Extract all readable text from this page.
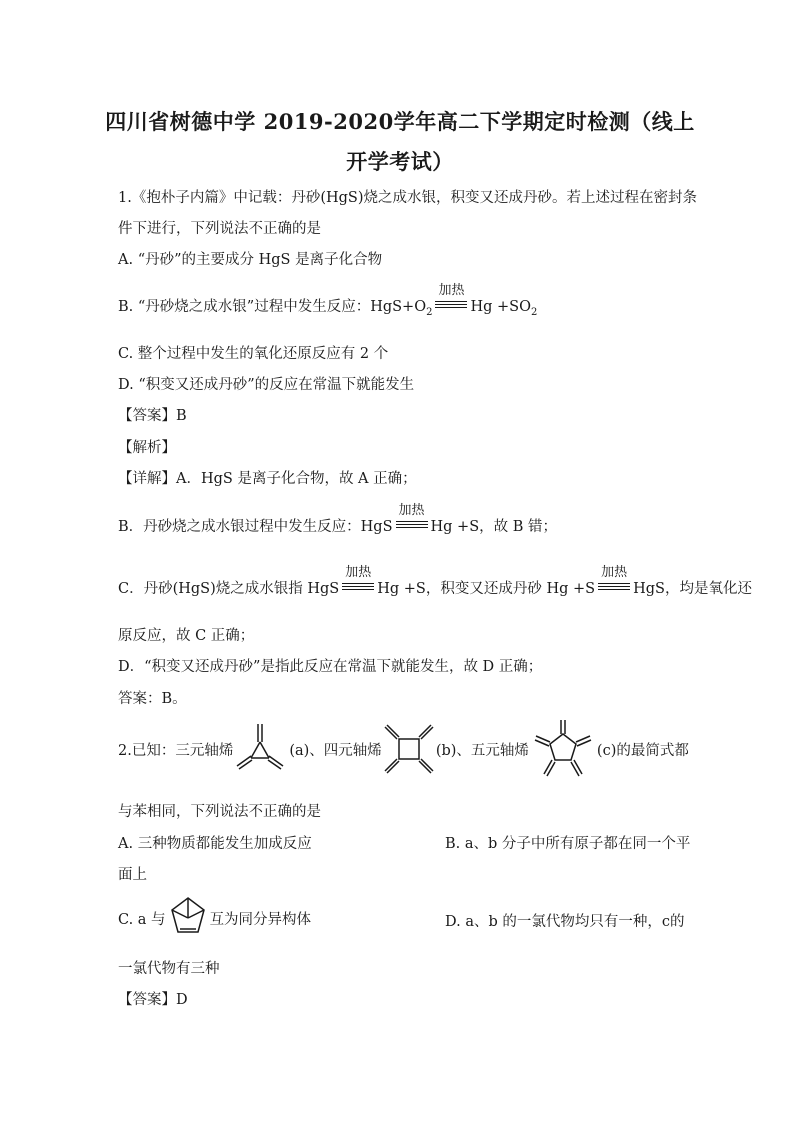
四川省树德中学 2019-2020学年高二下学期定时检测（线上
开学考试）
1.《抱朴子内篇》中记载：丹砂(HgS)烧之成水银，积变又还成丹砂。若上述过程在密封条
件下进行，下列说法不正确的是
A. “丹砂”的主要成分 HgS 是离子化合物
B. “丹砂烧之成水银”过程中发生反应：$HgS+O_2$
加热
$Hg +SO_2$
C. 整个过程中发生的氧化还原反应有 2 个
D. “积变又还成丹砂”的反应在常温下就能发生
【答案】B
【解析】
【详解】A．HgS 是离子化合物，故 A 正确；
B．丹砂烧之成水银过程中发生反应：HgS
加热
Hg +S，故 B 错；
C．丹砂(HgS)烧之成水银指 HgS
加热
Hg +S，积变又还成丹砂 Hg +S
加热
HgS，均是氧化还
原反应，故 C 正确；
D．“积变又还成丹砂”是指此反应在常温下就能发生，故 D 正确；
答案：B。
2.已知：三元轴烯	(a)、四元轴烯	(b)、五元轴烯	(c)的最简式都
与苯相同，下列说法不正确的是
A. 三种物质都能发生加成反应	B. a、b 分子中所有原子都在同一个平
面上
C. a 与	互为同分异构体	D. a、b 的一氯代物均只有一种，c的
一氯代物有三种
【答案】D
